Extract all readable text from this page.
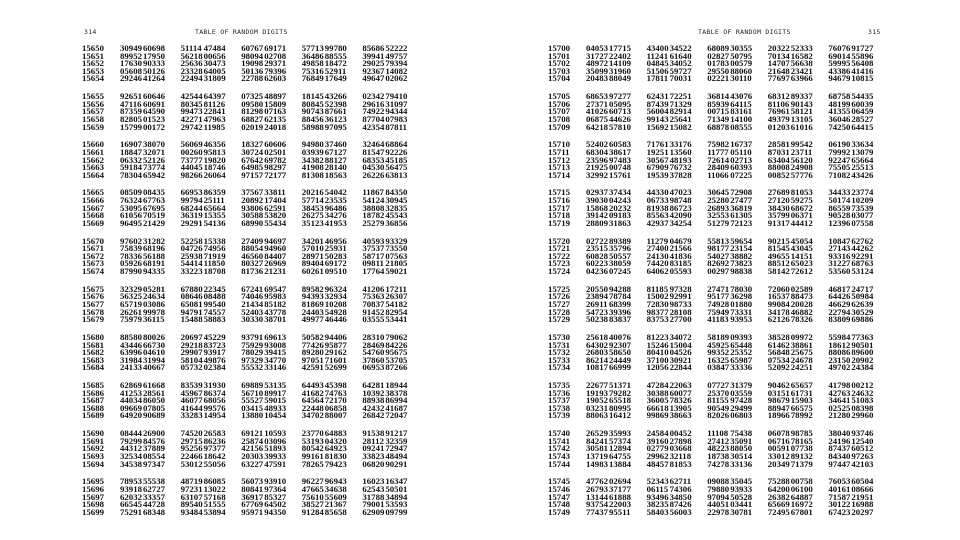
314	TABLE OF RANDOM DIGITS	TABLE OF RANDOM DIGITS	315
15650 3094960698 51114 47484 6076769171 5771399780 8568652222
15651 8995217950 5621800656 9809402708 3648688555 3994149757
15652 1763090333 2563630473 1909829371 4985818472 2902579394
15653 0560850126 2332864005 5013679396 7531652911 9236714082
15654 2924641264 2249431809 2278862603 7684917649 4964702062
15655 9265160646 4254464397 0732548897 1814543266 0234279410
15656 4711660691 8034581126 0958015809 8084552398 2961631097
15657 8735964590 9947322841 8129807163 9074387661 7492294344
15658 8280501523 4227147963 6882762135 8845636123 8770407983
15659 1579900172 2974211985 0201924018 5898897095 4235487811
15660 1690738070 5606946356 1832760606 9498037460 3246468864
15661 1884732071 0026095813 3072402501 0393967127 8154792226
15662 0633252126 7377719820 6764269782 3438288127 6835345185
15663 5918473774 4404518746 6498598297 4190828140 0453056475
15664 7830465942 9826626064 9715772177 8130818563 2622663813
15665 0850908435 6695386359 3756733811 2021654042 1186784350
15666 7632467763 9979425111 2089217404 5771423535 5412430945
15667 5309567695 6824465664 9380662591 3845396486 3880832835
15668 6105670519 3631915355 3058853820 2627534276 1878245543
15669 9649521429 2929154136 6899055434 3512341953 2527936856
15670 9760231282 5225815338 2740994697 3420146956 4059393329
15671 7583968196 0472674956 8805494960 5701025931 3753773550
15672 7833656188 2593871919 4656084407 2897150283 5871707563
15673 0592668191 5441411850 8032726969 8940469172 0981121805
15674 8799094335 3322318708 8173621231 6026109510 1776459021
15675 3232905281 6788022345 6724169547 8958296324 4120617211
15676 5632524634 0864608488 7404695983 9439332934 7536326307
15677 6571903086 6508199540 2143485182 8186910208 7083754182
15678 2626199978 9479174557 5240343778 2440354928 9145282954
15679 7597936115 1548858883 3033038701 4997746446 0355553441
15680 8858080026 2069745229 9379169613 5058294406 2831079062
15681 4344666730 2921883723 7592993008 7742695877 2846984226
15682 6399604610 2990793917 7802939415 8928029162 5476095675
15683 3198431994 5810449876 9732934770 9705171601 3786053705
15684 2413340667 0573202384 5553233146 4259152699 0695387266
15685 6286961668 8353931930 6988953135 6449345398 6428118944
15686 4125328561 4596786374 5671089917 4168274763 1039238378
15687 4403486050 4607768056 5552759015 6456472170 8893886994
15688 0966907805 4164499576 0341548933 2244806858 4243241687
15689 6492090689 3328314954 1388010454 3470288007 2684272047
15690 0844426900 7452026583 6912110593 2377064883 9153891217
15691 7929984576 2971586236 2587403096 5319304320 2811232359
15692 4431237889 9525697377 4215651893 8054264923 0924172947
15693 3253408554 2246618642 2030339933 9916181830 3382348494
15694 3453897347 5301255056 6322747591 7826579423 0682090291
15695 7895355538 4871986085 5607393910 9622796943 1602316347
15696 9391862727 9723113022 8084197364 4766534638 6254350501
15697 6203233357 6310757168 3691785327 7561055609 3178834894
15698 6654544728 8954051555 6776964502 3852721367 7900153593
15699 7529168348 9348453894 9597194350 9128485658 6290909799
15700 0405317715 4340034522 6808930355 2032252333 7607691727
15701 3172722402 1124161640 0282750795 7013416582 6901455896
15702 4897214109 0484534052 0178300579 1470756638 5999556408
15703 3509931960 5150659727 2955088060 2164823421 4338641416
15704 2048388049 1781170031 0222130110 7769763966 9467910815
15705 6865397277 6243172251 3681443076 6831289337 6875854435
15706 2737105095 8743971329 8593964115 8110690143 4819960039
15707 4102660713 5600482914 0071583161 7696158121 4135506459
15708 0687544626 9914325641 7134914100 4937913105 3604628527
15709 6421857810 1569215082 6887808555 0120361016 7425064415
15710 5240260583 7176133176 7598216737 2858199542 0619033634
15711 6830438617 1925113560 1177705110 8703123711 7999213079
15712 2359697483 3056748193 7261402713 6340456120 9224765664
15713 2192500748 6790976732 2840960393 8800824908 7550525513
15714 3299215761 1953937828 1106607225 0085257776 7108243426
15715 0293737434 4433047023 3064572908 2768981053 3443323774
15716 3903004243 0673398748 2528027477 2712059275 5017410209
15717 1586820232 8193886723 2689336819 3843068672 8655973539
15718 3914209183 8556342090 3255361305 3579906371 9052803077
15719 2880931863 4293734254 5127972123 9131744412 1239607558
15720 0272289389 1127904679 5581359654 9021545054 1084762762
15721 2351535796 2740021566 9817723154 8154543045 2714344262
15722 6082850557 2413041836 5402738882 4965514151 9331692291
15723 6022338059 7442083185 8269273823 8851265023 3122768763
15724 0423607245 6406205593 0029798838 5814272612 5356053124
15725 2055094288 8118597328 2747178030 7206002589 4681724717
15726 2389478784 1500292991 9517736298 1653788473 6442650984
15727 2691168399 7283098733 7492801880 9908420028 4662962639
15728 5472339396 9837728108 7594973331 3417846882 2279430529
15729 5023883837 8375327700 4118393953 6212678326 8380969886
15730 2561840076 8122334072 5818909393 3852809972 5598477363
15731 6430292307 1524615004 4592565448 6146238861 1861290501
15732 2680358650 8041004526 9935225352 5684825675 8808689600
15733 8621424449 3710030921 1632565987 0753424678 2315020902
15734 1081766999 1205622844 0384733336 5209224251 4970224384
15735 2267751371 4728422063 0772731379 9046265657 4179800212
15736 1919379282 3038860077 2537003559 0315161731 4276324632
15737 1905265518 3600578326 8115597428 9867915903 3464151083
15738 0323180995 6661813905 9054929499 8894766575 0252508398
15739 8806316412 9986938663 8202606803 1896678992 2128029960
15740 2652935993 2458400452 11108 75438 0607898785 3804093746
15741 8424157374 3916027898 2741235091 0671678165 2419612540
15742 3058112894 0277903668 4822388050 0059107738 8743760512
15743 1371964755 2996232118 1873830514 3301289132 8434097263
15744 1498313884 4845781853 7427833136 2034971379 9744742103
15745 4776202694 5234362711 0908835045 7528800758 7605360504
15746 2679337177 0611574306 7988093933 6420006100 4016108666
15747 1314461888 9349634850 9709450528 2638264887 7158721951
15748 9375422003 3823587426 4405103441 6566916972 3012216988
15749 7743795511 5840356003 2297830781 7249567801 6742320297
